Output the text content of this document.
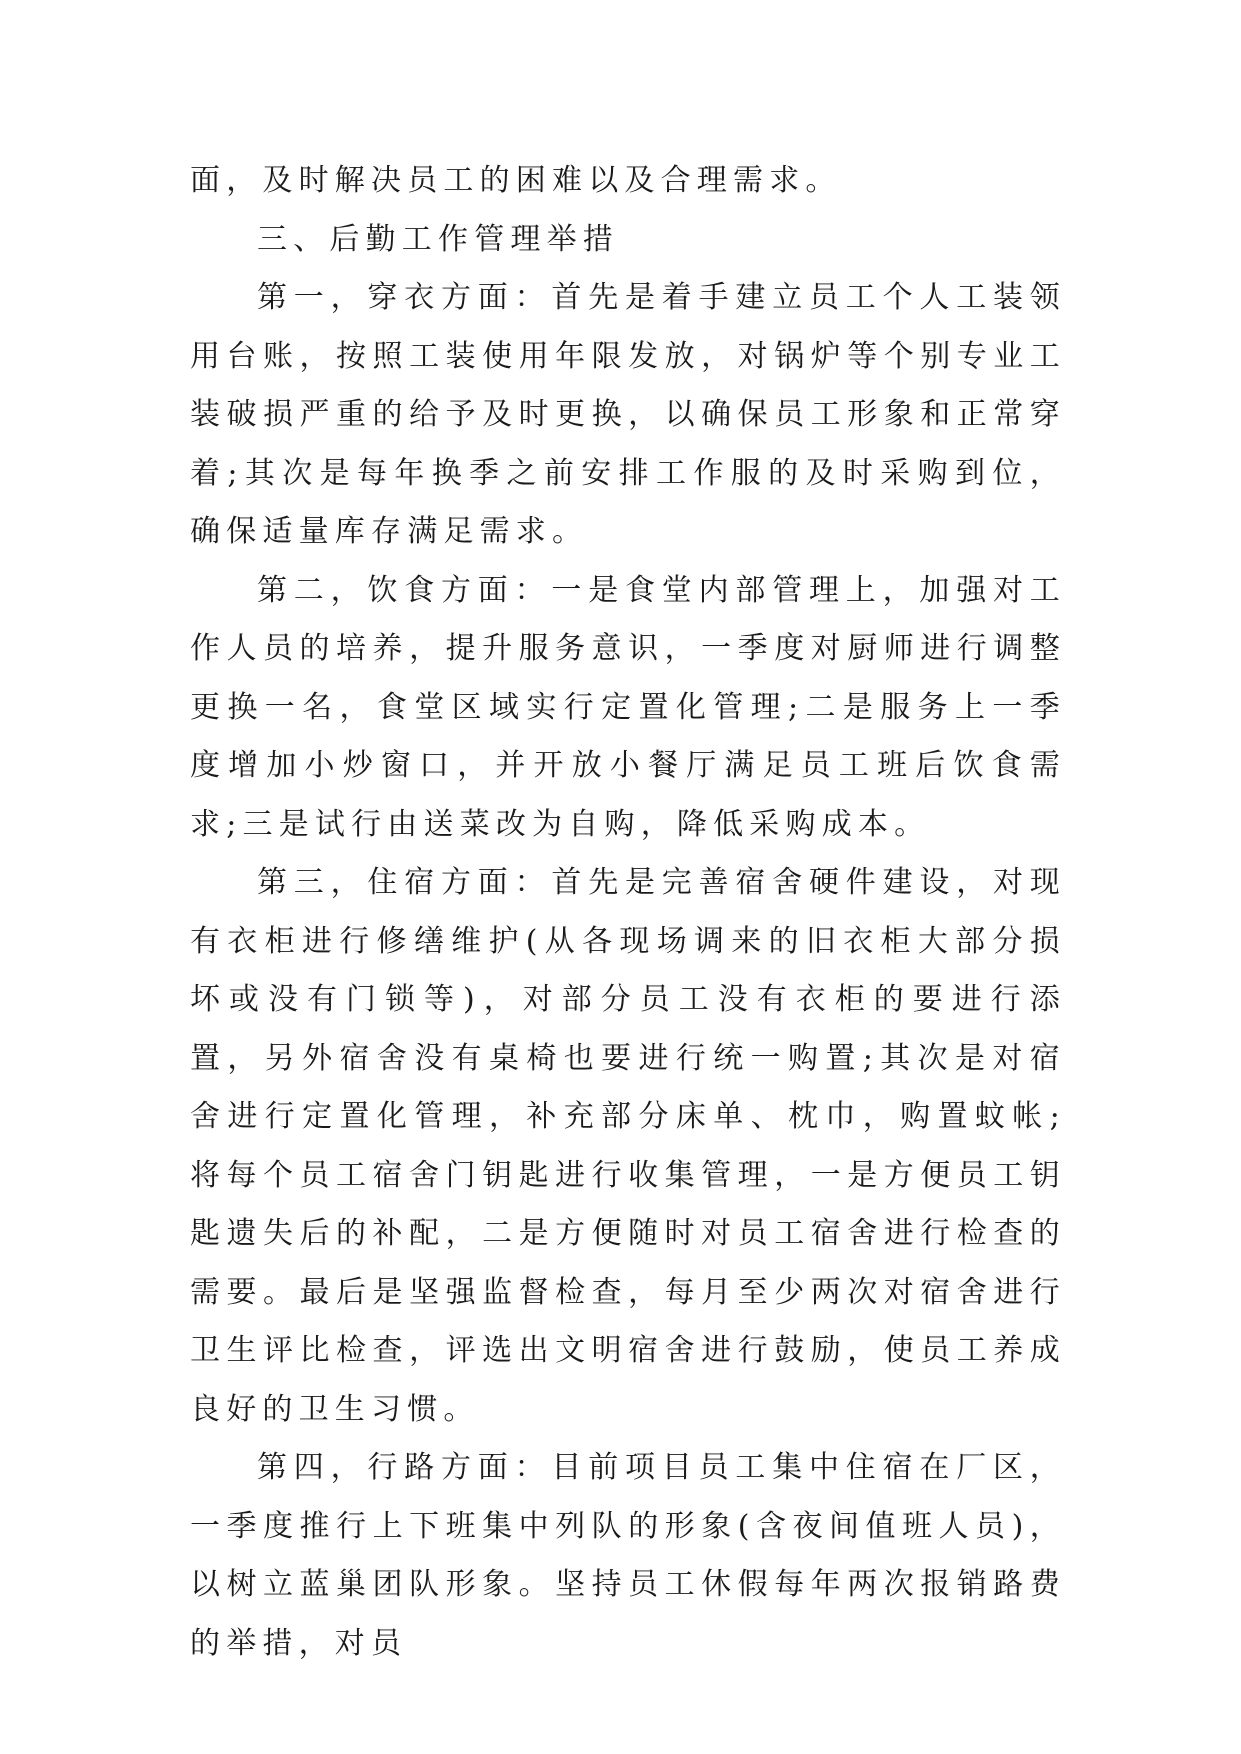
面，及时解决员工的困难以及合理需求。

三、后勤工作管理举措

第一，穿衣方面：首先是着手建立员工个人工装领用台账，按照工装使用年限发放，对锅炉等个别专业工装破损严重的给予及时更换，以确保员工形象和正常穿着;其次是每年换季之前安排工作服的及时采购到位，确保适量库存满足需求。

第二，饮食方面：一是食堂内部管理上，加强对工作人员的培养，提升服务意识，一季度对厨师进行调整更换一名，食堂区域实行定置化管理;二是服务上一季度增加小炒窗口，并开放小餐厅满足员工班后饮食需求;三是试行由送菜改为自购，降低采购成本。

第三，住宿方面：首先是完善宿舍硬件建设，对现有衣柜进行修缮维护(从各现场调来的旧衣柜大部分损坏或没有门锁等)，对部分员工没有衣柜的要进行添置，另外宿舍没有桌椅也要进行统一购置;其次是对宿舍进行定置化管理，补充部分床单、枕巾，购置蚊帐;将每个员工宿舍门钥匙进行收集管理，一是方便员工钥匙遗失后的补配，二是方便随时对员工宿舍进行检查的需要。最后是坚强监督检查，每月至少两次对宿舍进行卫生评比检查，评选出文明宿舍进行鼓励，使员工养成良好的卫生习惯。

第四，行路方面：目前项目员工集中住宿在厂区，一季度推行上下班集中列队的形象(含夜间值班人员)，以树立蓝巢团队形象。坚持员工休假每年两次报销路费的举措，对员
